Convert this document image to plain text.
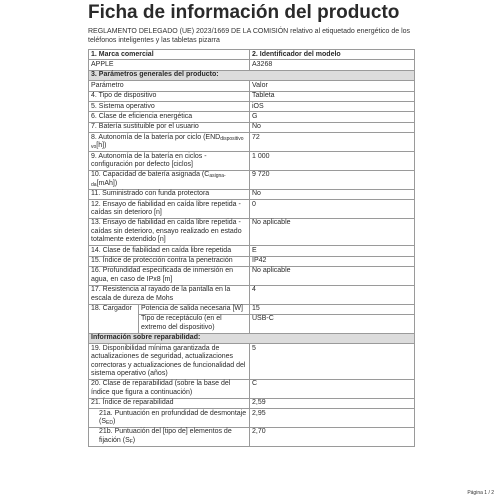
Ficha de información del producto
REGLAMENTO DELEGADO (UE) 2023/1669 DE LA COMISIÓN relativo al etiquetado energético de los teléfonos inteligentes y las tabletas pizarra
1. Marca comercial		2. Identificador del modelo
APPLE		A3268
3. Parámetros generales del producto:		
Parámetro		Valor
4. Tipo de dispositivo		Tableta
5. Sistema operativo		iOS
6. Clase de eficiencia energética		G
7. Batería sustituible por el usuario		No
8. Autonomía de la batería por ciclo ($END_{dispositivo}$
$_{vo}$[h])		72
9. Autonomía de la batería en ciclos - configuración por defecto [ciclos]		1 000
10. Capacidad de batería asignada ($C_{asigna-}$
$_{da}$[mAh])		9 720
11. Suministrado con funda protectora		No
12. Ensayo de fiabilidad en caída libre repetida - caídas sin deterioro [n]		0
13. Ensayo de fiabilidad en caída libre repetida - caídas sin deterioro, ensayo realizado en estado totalmente extendido [n]		No aplicable
14. Clase de fiabilidad en caída libre repetida		E
15. Índice de protección contra la penetración		IP42
16. Profundidad especificada de inmersión en agua, en caso de IPx8 [m]		No aplicable
17. Resistencia al rayado de la pantalla en la escala de dureza de Mohs		4
18. Cargador	Potencia de salida necesaria [W]	15
	Tipo de receptáculo (en el extremo del dispositivo)	USB-C
Información sobre reparabilidad:		
19. Disponibilidad mínima garantizada de actualizaciones de seguridad, actualizaciones correctoras y actualizaciones de funcionalidad del sistema operativo (años)		5
20. Clase de reparabilidad (sobre la base del índice que figura a continuación)		C
21. Índice de reparabilidad		2,59
21a. Puntuación en profundidad de desmontaje $(S_{ED})$		2,95
21b. Puntuación del [tipo de] elementos de fijación $(S_F)$		2,70
Página 1 / 2
